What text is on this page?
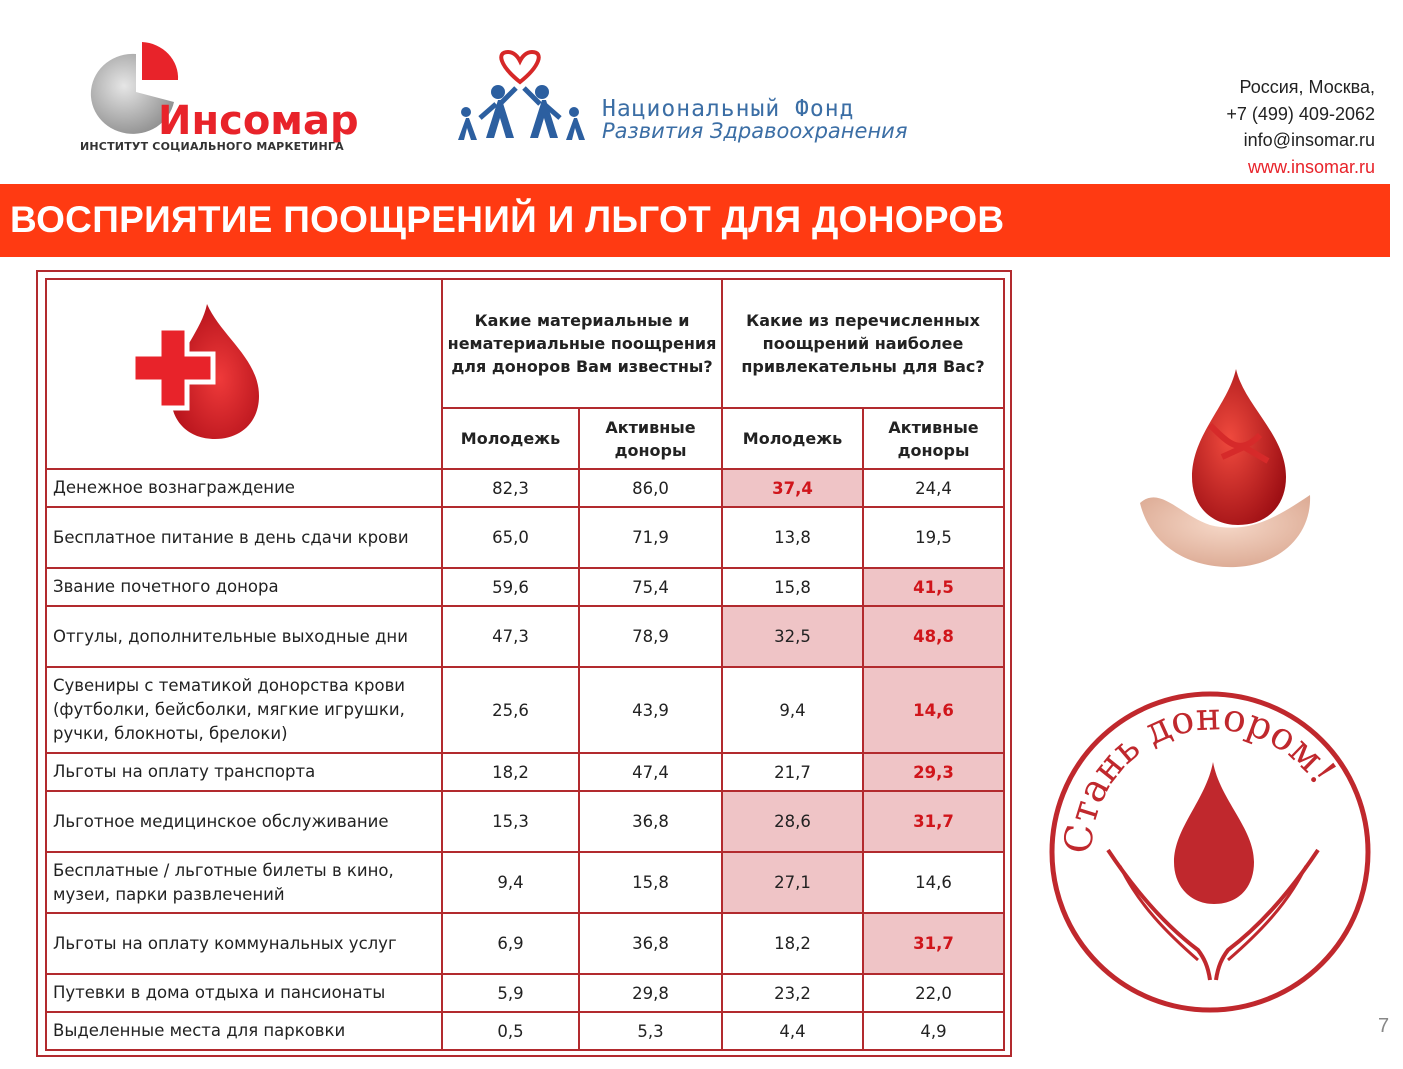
Инсомар
ИНСТИТУТ СОЦИАЛЬНОГО МАРКЕТИНГА
Национальный Фонд
Развития Здравоохранения
Россия, Москва,
+7 (499) 409-2062
info@insomar.ru
www.insomar.ru
ВОСПРИЯТИЕ ПООЩРЕНИЙ И ЛЬГОТ ДЛЯ ДОНОРОВ
	Какие материальные и нематериальные поощрения для доноров Вам известны?		Какие из перечисленных поощрений наиболее привлекательны для Вас?	
	Молодежь	Активные доноры	Молодежь	Активные доноры
Денежное вознаграждение	82,3	86,0	37,4	24,4
Бесплатное питание в день сдачи крови	65,0	71,9	13,8	19,5
Звание почетного донора	59,6	75,4	15,8	41,5
Отгулы, дополнительные выходные дни	47,3	78,9	32,5	48,8
Сувениры с тематикой донорства крови (футболки, бейсболки, мягкие игрушки, ручки, блокноты, брелоки)	25,6	43,9	9,4	14,6
Льготы на оплату транспорта	18,2	47,4	21,7	29,3
Льготное медицинское обслуживание	15,3	36,8	28,6	31,7
Бесплатные / льготные билеты в кино, музеи, парки развлечений	9,4	15,8	27,1	14,6
Льготы на оплату коммунальных услуг	6,9	36,8	18,2	31,7
Путевки в дома отдыха и пансионаты	5,9	29,8	23,2	22,0
Выделенные места для парковки	0,5	5,3	4,4	4,9
Стань донором!
7
